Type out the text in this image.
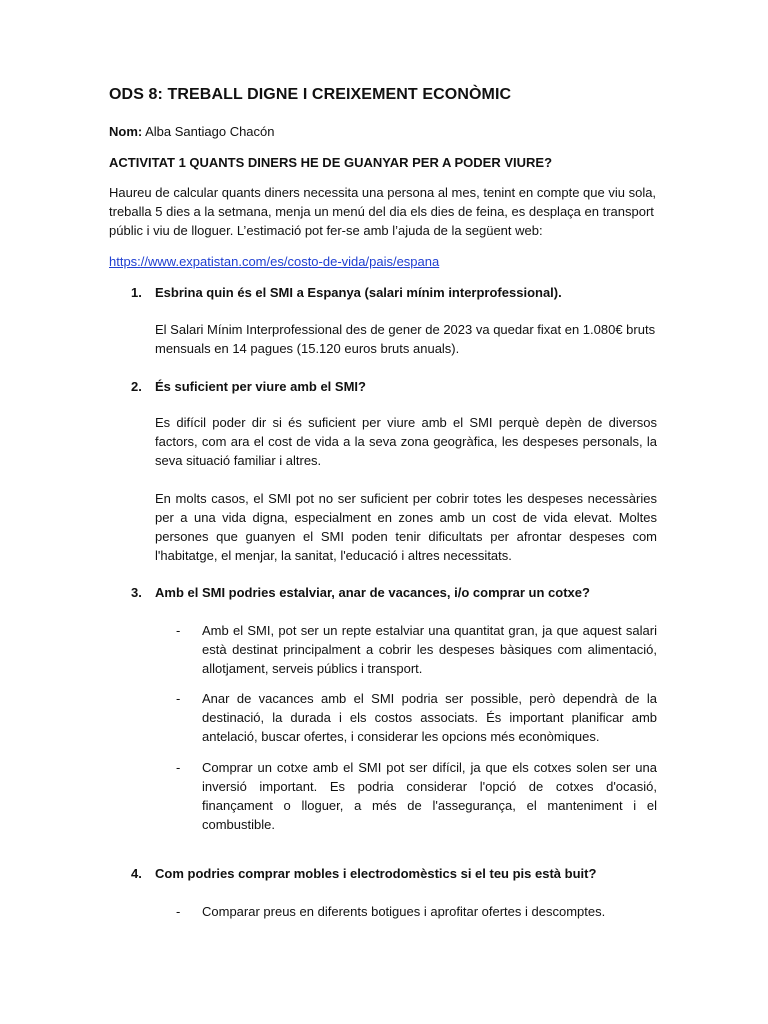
ODS 8: TREBALL DIGNE I CREIXEMENT ECONÒMIC
Nom: Alba Santiago Chacón
ACTIVITAT 1 QUANTS DINERS HE DE GUANYAR PER A PODER VIURE?
Haureu de calcular quants diners necessita una persona al mes, tenint en compte que viu sola, treballa 5 dies a la setmana, menja un menú del dia els dies de feina, es desplaça en transport públic i viu de lloguer. L’estimació pot fer-se amb l’ajuda de la següent web:
https://www.expatistan.com/es/costo-de-vida/pais/espana
1. Esbrina quin és el SMI a Espanya (salari mínim interprofessional).
El Salari Mínim Interprofessional des de gener de 2023 va quedar fixat en 1.080€ bruts mensuals en 14 pagues (15.120 euros bruts anuals).
2. És suficient per viure amb el SMI?
Es difícil poder dir si és suficient per viure amb el SMI perquè depèn de diversos factors, com ara el cost de vida a la seva zona geogràfica, les despeses personals, la seva situació familiar i altres.
En molts casos, el SMI pot no ser suficient per cobrir totes les despeses necessàries per a una vida digna, especialment en zones amb un cost de vida elevat. Moltes persones que guanyen el SMI poden tenir dificultats per afrontar despeses com l'habitatge, el menjar, la sanitat, l'educació i altres necessitats.
3. Amb el SMI podries estalviar, anar de vacances, i/o comprar un cotxe?
- Amb el SMI, pot ser un repte estalviar una quantitat gran, ja que aquest salari està destinat principalment a cobrir les despeses bàsiques com alimentació, allotjament, serveis públics i transport.
- Anar de vacances amb el SMI podria ser possible, però dependrà de la destinació, la durada i els costos associats. És important planificar amb antelació, buscar ofertes, i considerar les opcions més econòmiques.
- Comprar un cotxe amb el SMI pot ser difícil, ja que els cotxes solen ser una inversió important. Es podria considerar l'opció de cotxes d'ocasió, finançament o lloguer, a més de l'assegurança, el manteniment i el combustible.
4. Com podries comprar mobles i electrodomèstics si el teu pis està buit?
- Comparar preus en diferents botigues i aprofitar ofertes i descomptes.
